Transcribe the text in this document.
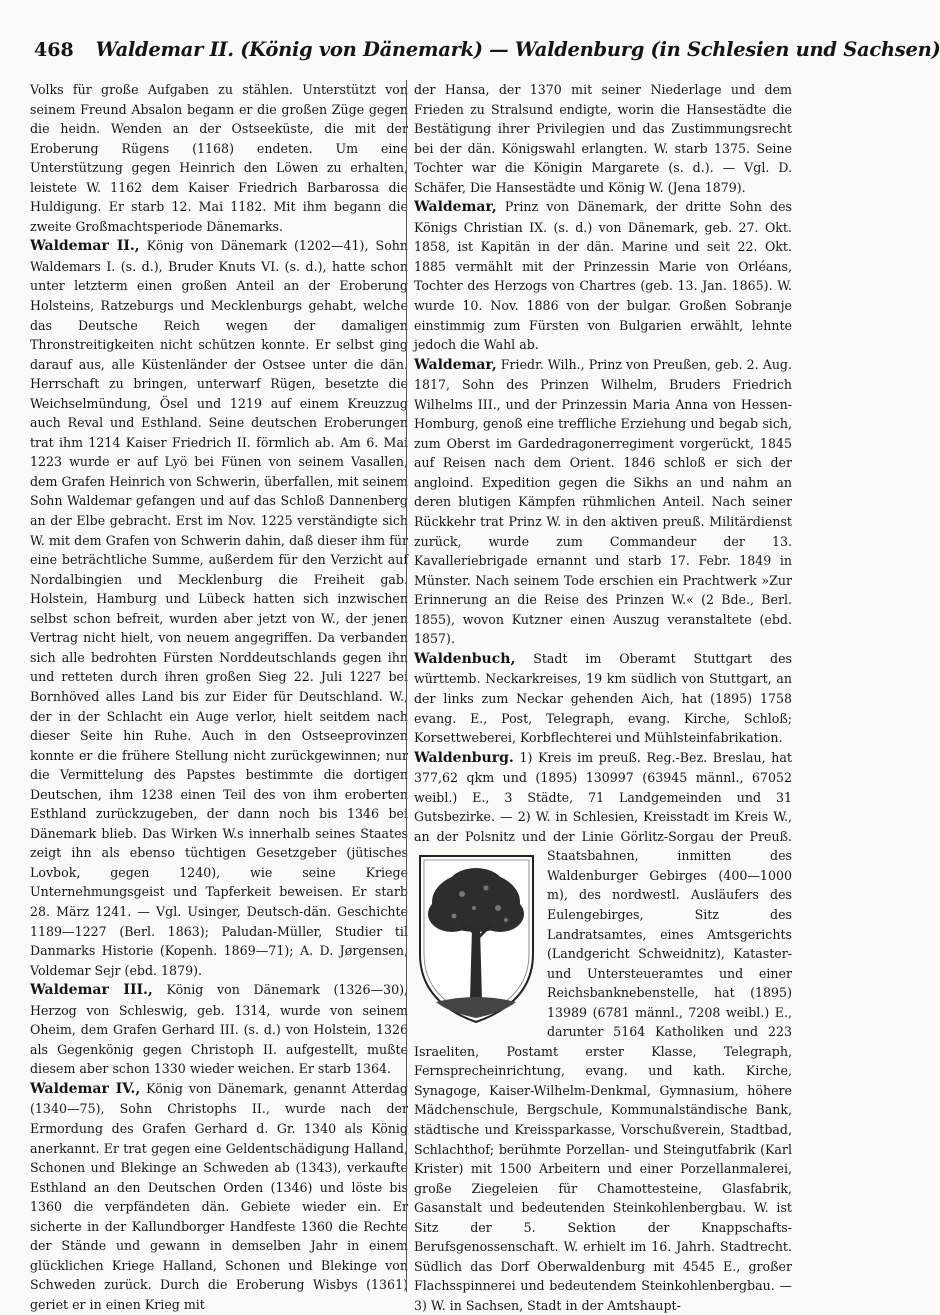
468 Waldemar II. (König von Dänemark) — Waldenburg (in Schlesien und Sachsen)

Volks für große Aufgaben zu stählen. Unterstützt von seinem Freund Absalon begann er die großen Züge gegen die heidn. Wenden an der Ostseeküste, die mit der Eroberung Rügens (1168) endeten. Um eine Unterstützung gegen Heinrich den Löwen zu erhalten, leistete W. 1162 dem Kaiser Friedrich Barbarossa die Huldigung. Er starb 12. Mai 1182. Mit ihm begann die zweite Großmachtsperiode Dänemarks.

Waldemar II., König von Dänemark (1202—41), Sohn Waldemars I. (s. d.), Bruder Knuts VI. (s. d.), hatte schon unter letzterm einen großen Anteil an der Eroberung Holsteins, Ratzeburgs und Mecklenburgs gehabt, welche das Deutsche Reich wegen der damaligen Thronstreitigkeiten nicht schützen konnte. Er selbst ging darauf aus, alle Küstenländer der Ostsee unter die dän. Herrschaft zu bringen, unterwarf Rügen, besetzte die Weichselmündung, Ösel und 1219 auf einem Kreuzzug auch Reval und Esthland. Seine deutschen Eroberungen trat ihm 1214 Kaiser Friedrich II. förmlich ab. Am 6. Mai 1223 wurde er auf Lyö bei Fünen von seinem Vasallen, dem Grafen Heinrich von Schwerin, überfallen, mit seinem Sohn Waldemar gefangen und auf das Schloß Dannenberg an der Elbe gebracht. Erst im Nov. 1225 verständigte sich W. mit dem Grafen von Schwerin dahin, daß dieser ihm für eine beträchtliche Summe, außerdem für den Verzicht auf Nordalbingien und Mecklenburg die Freiheit gab. Holstein, Hamburg und Lübeck hatten sich inzwischen selbst schon befreit, wurden aber jetzt von W., der jenen Vertrag nicht hielt, von neuem angegriffen. Da verbanden sich alle bedrohten Fürsten Norddeutschlands gegen ihn und retteten durch ihren großen Sieg 22. Juli 1227 bei Bornhöved alles Land bis zur Eider für Deutschland. W., der in der Schlacht ein Auge verlor, hielt seitdem nach dieser Seite hin Ruhe. Auch in den Ostseeprovinzen konnte er die frühere Stellung nicht zurückgewinnen; nur die Vermittelung des Papstes bestimmte die dortigen Deutschen, ihm 1238 einen Teil des von ihm eroberten Esthland zurückzugeben, der dann noch bis 1346 bei Dänemark blieb. Das Wirken W.s innerhalb seines Staates zeigt ihn als ebenso tüchtigen Gesetzgeber (jütisches Lovbok, gegen 1240), wie seine Kriege Unternehmungsgeist und Tapferkeit beweisen. Er starb 28. März 1241. — Vgl. Usinger, Deutsch-dän. Geschichte 1189—1227 (Berl. 1863); Paludan-Müller, Studier til Danmarks Historie (Kopenh. 1869—71); A. D. Jørgensen, Voldemar Sejr (ebd. 1879).

Waldemar III., König von Dänemark (1326—30), Herzog von Schleswig, geb. 1314, wurde von seinem Oheim, dem Grafen Gerhard III. (s. d.) von Holstein, 1326 als Gegenkönig gegen Christoph II. aufgestellt, mußte diesem aber schon 1330 wieder weichen. Er starb 1364.

Waldemar IV., König von Dänemark, genannt Atterdag (1340—75), Sohn Christophs II., wurde nach der Ermordung des Grafen Gerhard d. Gr. 1340 als König anerkannt. Er trat gegen eine Geldentschädigung Halland, Schonen und Blekinge an Schweden ab (1343), verkaufte Esthland an den Deutschen Orden (1346) und löste bis 1360 die verpfändeten dän. Gebiete wieder ein. Er sicherte in der Kallundborger Handfeste 1360 die Rechte der Stände und gewann in demselben Jahr in einem glücklichen Kriege Halland, Schonen und Blekinge von Schweden zurück. Durch die Eroberung Wisbys (1361) geriet er in einen Krieg mit

der Hansa, der 1370 mit seiner Niederlage und dem Frieden zu Stralsund endigte, worin die Hansestädte die Bestätigung ihrer Privilegien und das Zustimmungsrecht bei der dän. Königswahl erlangten. W. starb 1375. Seine Tochter war die Königin Margarete (s. d.). — Vgl. D. Schäfer, Die Hansestädte und König W. (Jena 1879).

Waldemar, Prinz von Dänemark, der dritte Sohn des Königs Christian IX. (s. d.) von Dänemark, geb. 27. Okt. 1858, ist Kapitän in der dän. Marine und seit 22. Okt. 1885 vermählt mit der Prinzessin Marie von Orléans, Tochter des Herzogs von Chartres (geb. 13. Jan. 1865). W. wurde 10. Nov. 1886 von der bulgar. Großen Sobranje einstimmig zum Fürsten von Bulgarien erwählt, lehnte jedoch die Wahl ab.

Waldemar, Friedr. Wilh., Prinz von Preußen, geb. 2. Aug. 1817, Sohn des Prinzen Wilhelm, Bruders Friedrich Wilhelms III., und der Prinzessin Maria Anna von Hessen-Homburg, genoß eine treffliche Erziehung und begab sich, zum Oberst im Gardedragonerregiment vorgerückt, 1845 auf Reisen nach dem Orient. 1846 schloß er sich der angloind. Expedition gegen die Sikhs an und nahm an deren blutigen Kämpfen rühmlichen Anteil. Nach seiner Rückkehr trat Prinz W. in den aktiven preuß. Militärdienst zurück, wurde zum Commandeur der 13. Kavalleriebrigade ernannt und starb 17. Febr. 1849 in Münster. Nach seinem Tode erschien ein Prachtwerk »Zur Erinnerung an die Reise des Prinzen W.« (2 Bde., Berl. 1855), wovon Kutzner einen Auszug veranstaltete (ebd. 1857).

Waldenbuch, Stadt im Oberamt Stuttgart des württemb. Neckarkreises, 19 km südlich von Stuttgart, an der links zum Neckar gehenden Aich, hat (1895) 1758 evang. E., Post, Telegraph, evang. Kirche, Schloß; Korsettweberei, Korbflechterei und Mühlsteinfabrikation.

Waldenburg. 1) Kreis im preuß. Reg.-Bez. Breslau, hat 377,62 qkm und (1895) 130997 (63945 männl., 67052 weibl.) E., 3 Städte, 71 Landgemeinden und 31 Gutsbezirke. — 2) W. in Schlesien, Kreisstadt im Kreis W., an der Polsnitz und der Linie Görlitz-Sorgau
der Preuß. Staatsbahnen, inmitten des Waldenburger Gebirges (400—1000 m), des nordwestl. Ausläufers des Eulengebirges, Sitz des Landratsamtes, eines Amtsgerichts (Landgericht Schweidnitz), Kataster- und Untersteueramtes und einer Reichsbanknebenstelle, hat (1895) 13989 (6781 männl., 7208 weibl.) E., darunter 5164 Katholiken und 223 Israeliten, Postamt erster Klasse, Telegraph, Fernsprecheinrichtung, evang. und kath. Kirche, Synagoge, Kaiser-Wilhelm-Denkmal, Gymnasium, höhere Mädchenschule, Bergschule, Kommunalständische Bank, städtische und Kreissparkasse, Vorschußverein, Stadtbad, Schlachthof; berühmte Porzellan- und Steingutfabrik (Karl Krister) mit 1500 Arbeitern und einer Porzellanmalerei, große Ziegeleien für Chamottesteine, Glasfabrik, Gasanstalt und bedeutenden Steinkohlenbergbau. W. ist Sitz der 5. Sektion der Knappschafts-Berufsgenossenschaft. W. erhielt im 16. Jahrh. Stadtrecht. Südlich das Dorf Oberwaldenburg mit 4545 E., großer Flachsspinnerei und bedeutendem Steinkohlenbergbau. — 3) W. in Sachsen, Stadt in der Amtshaupt-
